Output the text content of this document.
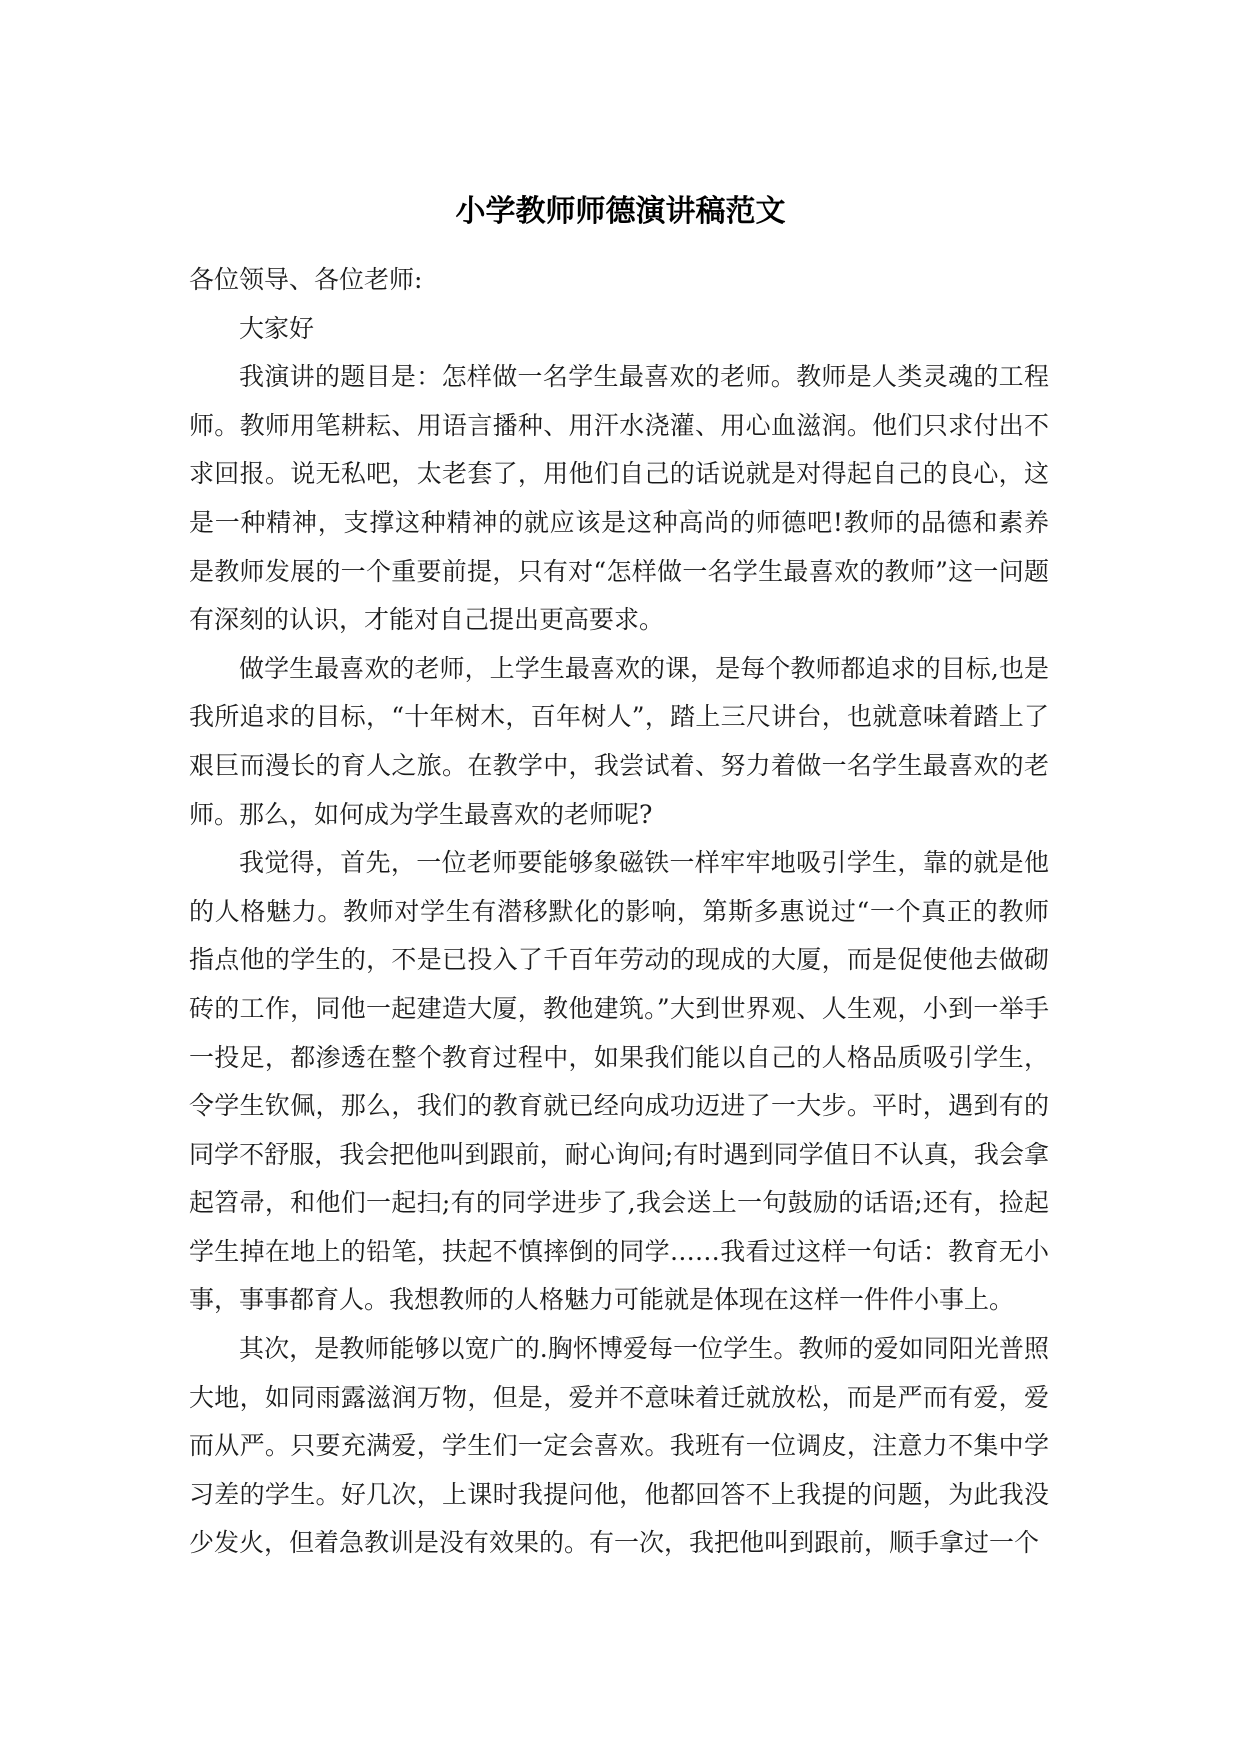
小学教师师德演讲稿范文

各位领导、各位老师:

大家好

我演讲的题目是：怎样做一名学生最喜欢的老师。教师是人类灵魂的工程师。教师用笔耕耘、用语言播种、用汗水浇灌、用心血滋润。他们只求付出不求回报。说无私吧，太老套了，用他们自己的话说就是对得起自己的良心，这是一种精神，支撑这种精神的就应该是这种高尚的师德吧!教师的品德和素养是教师发展的一个重要前提，只有对“怎样做一名学生最喜欢的教师”这一问题有深刻的认识，才能对自己提出更高要求。

做学生最喜欢的老师，上学生最喜欢的课，是每个教师都追求的目标,也是我所追求的目标，“十年树木，百年树人”，踏上三尺讲台，也就意味着踏上了艰巨而漫长的育人之旅。在教学中，我尝试着、努力着做一名学生最喜欢的老师。那么，如何成为学生最喜欢的老师呢?

我觉得，首先，一位老师要能够象磁铁一样牢牢地吸引学生，靠的就是他的人格魅力。教师对学生有潜移默化的影响，第斯多惠说过“一个真正的教师指点他的学生的，不是已投入了千百年劳动的现成的大厦，而是促使他去做砌砖的工作，同他一起建造大厦，教他建筑。”大到世界观、人生观，小到一举手一投足，都渗透在整个教育过程中，如果我们能以自己的人格品质吸引学生，令学生钦佩，那么，我们的教育就已经向成功迈进了一大步。平时，遇到有的同学不舒服，我会把他叫到跟前，耐心询问;有时遇到同学值日不认真，我会拿起笤帚，和他们一起扫;有的同学进步了,我会送上一句鼓励的话语;还有，捡起学生掉在地上的铅笔，扶起不慎摔倒的同学……我看过这样一句话：教育无小事，事事都育人。我想教师的人格魅力可能就是体现在这样一件件小事上。

其次，是教师能够以宽广的.胸怀博爱每一位学生。教师的爱如同阳光普照大地，如同雨露滋润万物，但是，爱并不意味着迁就放松，而是严而有爱，爱而从严。只要充满爱，学生们一定会喜欢。我班有一位调皮，注意力不集中学习差的学生。好几次，上课时我提问他，他都回答不上我提的问题，为此我没少发火，但着急教训是没有效果的。有一次，我把他叫到跟前，顺手拿过一个
